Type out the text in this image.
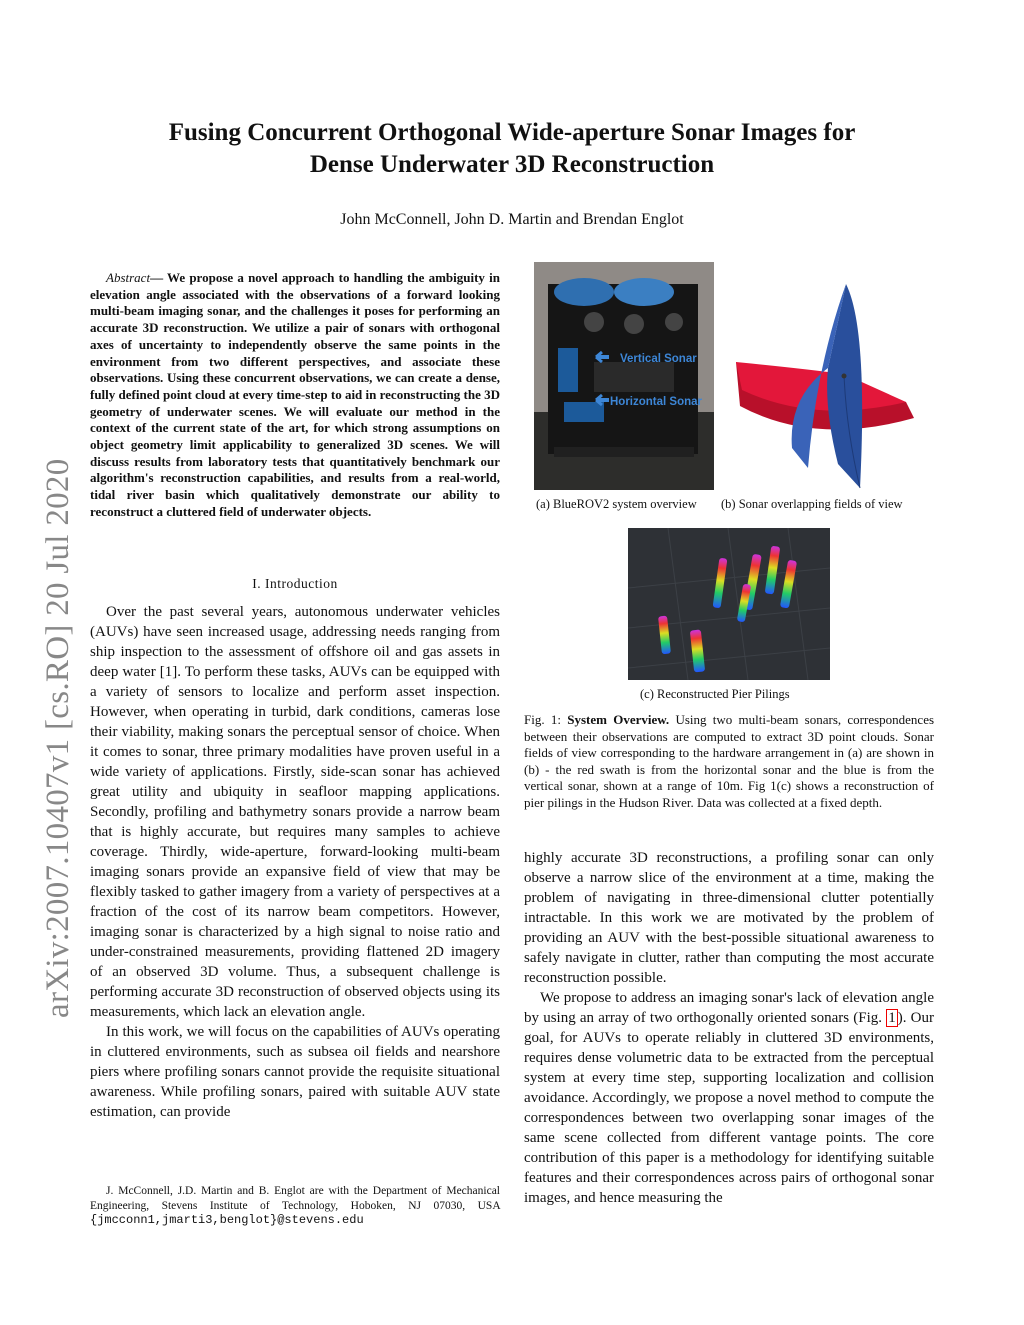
arXiv:2007.10407v1 [cs.RO] 20 Jul 2020
Fusing Concurrent Orthogonal Wide-aperture Sonar Images for
Dense Underwater 3D Reconstruction
John McConnell, John D. Martin and Brendan Englot
Abstract— We propose a novel approach to handling the ambiguity in elevation angle associated with the observations of a forward looking multi-beam imaging sonar, and the challenges it poses for performing an accurate 3D reconstruction. We utilize a pair of sonars with orthogonal axes of uncertainty to independently observe the same points in the environment from two different perspectives, and associate these observations. Using these concurrent observations, we can create a dense, fully defined point cloud at every time-step to aid in reconstructing the 3D geometry of underwater scenes. We will evaluate our method in the context of the current state of the art, for which strong assumptions on object geometry limit applicability to generalized 3D scenes. We will discuss results from laboratory tests that quantitatively benchmark our algorithm's reconstruction capabilities, and results from a real-world, tidal river basin which qualitatively demonstrate our ability to reconstruct a cluttered field of underwater objects.
I. Introduction

Over the past several years, autonomous underwater vehicles (AUVs) have seen increased usage, addressing needs ranging from ship inspection to the assessment of offshore oil and gas assets in deep water [1]. To perform these tasks, AUVs can be equipped with a variety of sensors to localize and perform asset inspection. However, when operating in turbid, dark conditions, cameras lose their viability, making sonars the perceptual sensor of choice. When it comes to sonar, three primary modalities have proven useful in a wide variety of applications. Firstly, side-scan sonar has achieved great utility and ubiquity in seafloor mapping applications. Secondly, profiling and bathymetry sonars provide a narrow beam that is highly accurate, but requires many samples to achieve coverage. Thirdly, wide-aperture, forward-looking multi-beam imaging sonars provide an expansive field of view that may be flexibly tasked to gather imagery from a variety of perspectives at a fraction of the cost of its narrow beam competitors. However, imaging sonar is characterized by a high signal to noise ratio and under-constrained measurements, providing flattened 2D imagery of an observed 3D volume. Thus, a subsequent challenge is performing accurate 3D reconstruction of observed objects using its measurements, which lack an elevation angle.

In this work, we will focus on the capabilities of AUVs operating in cluttered environments, such as subsea oil fields and nearshore piers where profiling sonars cannot provide the requisite situational awareness. While profiling sonars, paired with suitable AUV state estimation, can provide

J. McConnell, J.D. Martin and B. Englot are with the Department of Mechanical Engineering, Stevens Institute of Technology, Hoboken, NJ 07030, USA {jmcconn1,jmarti3,benglot}@stevens.edu
Vertical Sonar
Horizontal Sonar
(a) BlueROV2 system overview (b) Sonar overlapping fields of view
(c) Reconstructed Pier Pilings
Fig. 1: System Overview. Using two multi-beam sonars, correspondences between their observations are computed to extract 3D point clouds. Sonar fields of view corresponding to the hardware arrangement in (a) are shown in (b) - the red swath is from the horizontal sonar and the blue is from the vertical sonar, shown at a range of 10m. Fig 1(c) shows a reconstruction of pier pilings in the Hudson River. Data was collected at a fixed depth.

highly accurate 3D reconstructions, a profiling sonar can only observe a narrow slice of the environment at a time, making the problem of navigating in three-dimensional clutter potentially intractable. In this work we are motivated by the problem of providing an AUV with the best-possible situational awareness to safely navigate in clutter, rather than computing the most accurate reconstruction possible.

We propose to address an imaging sonar's lack of elevation angle by using an array of two orthogonally oriented sonars (Fig. 1 ). Our goal, for AUVs to operate reliably in cluttered 3D environments, requires dense volumetric data to be extracted from the perceptual system at every time step, supporting localization and collision avoidance. Accordingly, we propose a novel method to compute the correspondences between two overlapping sonar images of the same scene collected from different vantage points. The core contribution of this paper is a methodology for identifying suitable features and their correspondences across pairs of orthogonal sonar images, and hence measuring the
